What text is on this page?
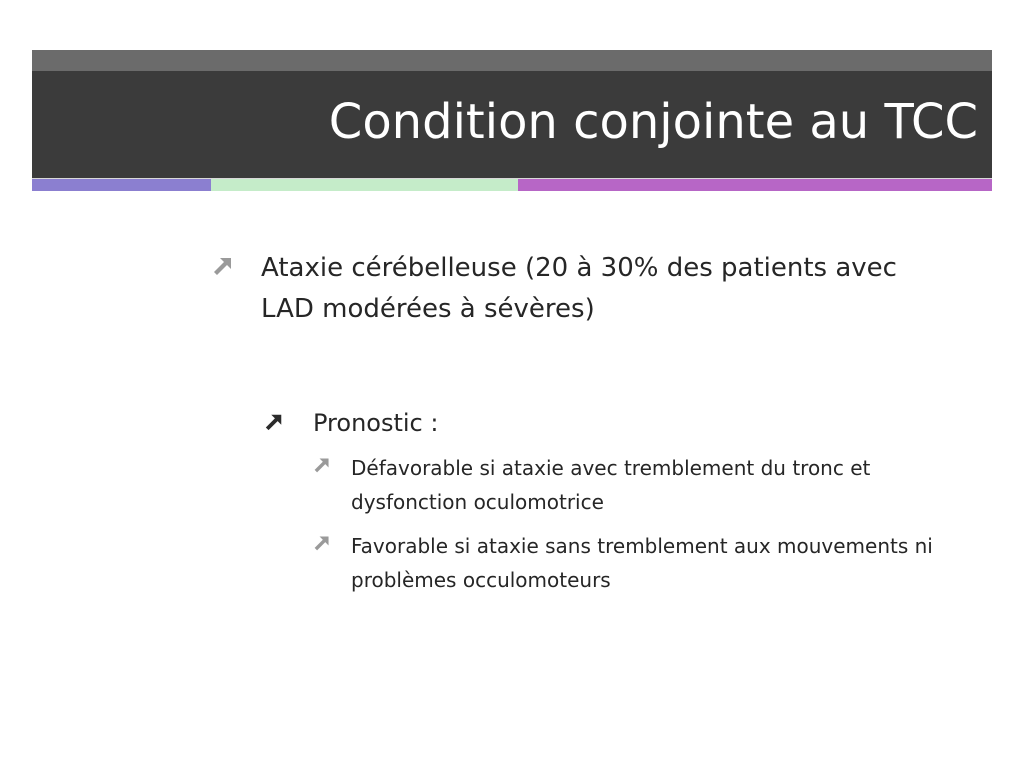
Condition conjointe au TCC
Ataxie cérébelleuse (20 à 30% des patients avec LAD modérées à sévères)
Pronostic :
Défavorable si ataxie avec tremblement du tronc et dysfonction oculomotrice
Favorable si ataxie sans tremblement aux mouvements ni problèmes occulomoteurs
